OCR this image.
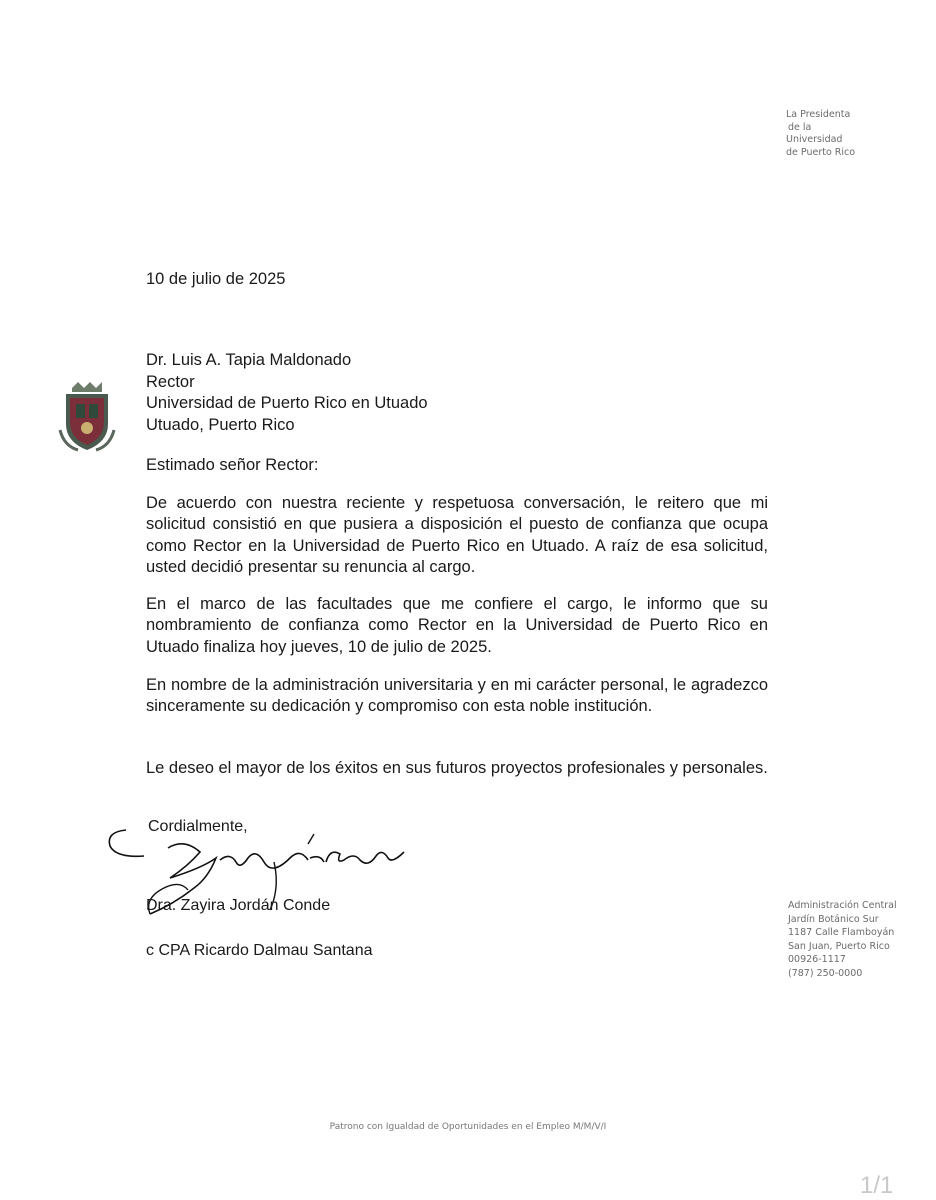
La Presidenta
de la
Universidad
de Puerto Rico
10 de julio de 2025
Dr. Luis A. Tapia Maldonado
Rector
Universidad de Puerto Rico en Utuado
Utuado, Puerto Rico
Estimado señor Rector:
De acuerdo con nuestra reciente y respetuosa conversación, le reitero que mi solicitud consistió en que pusiera a disposición el puesto de confianza que ocupa como Rector en la Universidad de Puerto Rico en Utuado. A raíz de esa solicitud, usted decidió presentar su renuncia al cargo.
En el marco de las facultades que me confiere el cargo, le informo que su nombramiento de confianza como Rector en la Universidad de Puerto Rico en Utuado finaliza hoy jueves, 10 de julio de 2025.
En nombre de la administración universitaria y en mi carácter personal, le agradezco sinceramente su dedicación y compromiso con esta noble institución.
Le deseo el mayor de los éxitos en sus futuros proyectos profesionales y personales.
Cordialmente,
Dra. Zayira Jordán Conde
c CPA Ricardo Dalmau Santana
Administración Central
Jardín Botánico Sur
1187 Calle Flamboyán
San Juan, Puerto Rico
00926-1117
(787) 250-0000
Patrono con Igualdad de Oportunidades en el Empleo M/M/V/I
1/1
